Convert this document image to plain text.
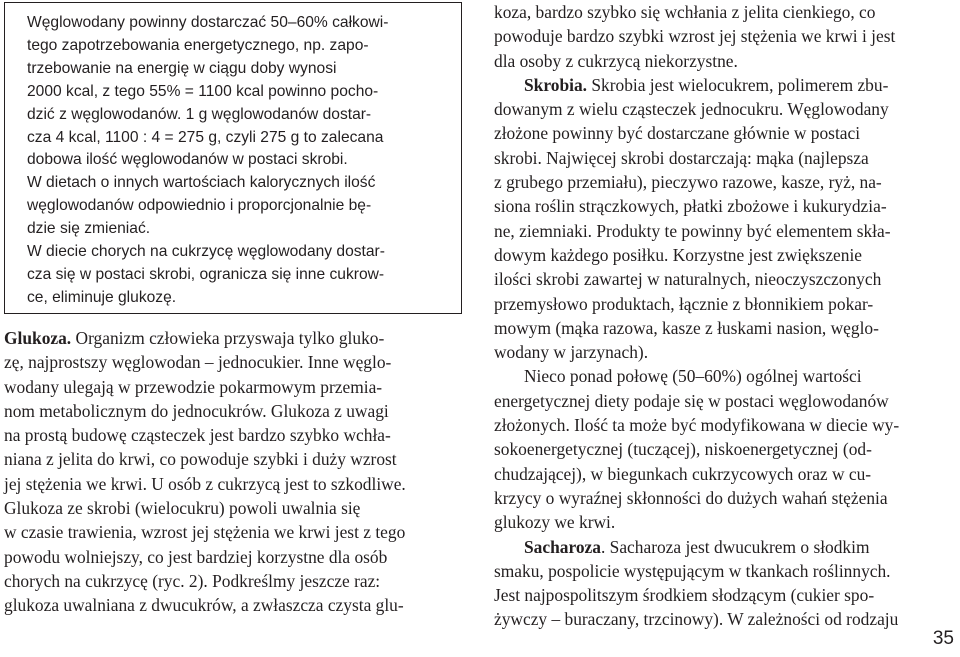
Węglowodany powinny dostarczać 50–60% całkowi-
tego zapotrzebowania energetycznego, np. zapo-
trzebowanie na energię w ciągu doby wynosi
2000 kcal, z tego 55% = 1100 kcal powinno pocho-
dzić z węglowodanów. 1 g węglowodanów dostar-
cza 4 kcal, 1100 : 4 = 275 g, czyli 275 g to zalecana
dobowa ilość węglowodanów w postaci skrobi.
W dietach o innych wartościach kalorycznych ilość
węglowodanów odpowiednio i proporcjonalnie bę-
dzie się zmieniać.
W diecie chorych na cukrzycę węglowodany dostar-
cza się w postaci skrobi, ogranicza się inne cukrow-
ce, eliminuje glukozę.

Glukoza. Organizm człowieka przyswaja tylko gluko-
zę, najprostszy węglowodan – jednocukier. Inne węglo-
wodany ulegają w przewodzie pokarmowym przemia-
nom metabolicznym do jednocukrów. Glukoza z uwagi
na prostą budowę cząsteczek jest bardzo szybko wchła-
niana z jelita do krwi, co powoduje szybki i duży wzrost
jej stężenia we krwi. U osób z cukrzycą jest to szkodliwe.
Glukoza ze skrobi (wielocukru) powoli uwalnia się
w czasie trawienia, wzrost jej stężenia we krwi jest z tego
powodu wolniejszy, co jest bardziej korzystne dla osób
chorych na cukrzycę (ryc. 2). Podkreślmy jeszcze raz:
glukoza uwalniana z dwucukrów, a zwłaszcza czysta glu-
koza, bardzo szybko się wchłania z jelita cienkiego, co
powoduje bardzo szybki wzrost jej stężenia we krwi i jest
dla osoby z cukrzycą niekorzystne.
Skrobia. Skrobia jest wielocukrem, polimerem zbu-
dowanym z wielu cząsteczek jednocukru. Węglowodany
złożone powinny być dostarczane głównie w postaci
skrobi. Najwięcej skrobi dostarczają: mąka (najlepsza
z grubego przemiału), pieczywo razowe, kasze, ryż, na-
siona roślin strączkowych, płatki zbożowe i kukurydzia-
ne, ziemniaki. Produkty te powinny być elementem skła-
dowym każdego posiłku. Korzystne jest zwiększenie
ilości skrobi zawartej w naturalnych, nieoczyszczonych
przemysłowo produktach, łącznie z błonnikiem pokar-
mowym (mąka razowa, kasze z łuskami nasion, węglo-
wodany w jarzynach).
Nieco ponad połowę (50–60%) ogólnej wartości
energetycznej diety podaje się w postaci węglowodanów
złożonych. Ilość ta może być modyfikowana w diecie wy-
sokoenergetycznej (tuczącej), niskoenergetycznej (od-
chudzającej), w biegunkach cukrzycowych oraz w cu-
krzycy o wyraźnej skłonności do dużych wahań stężenia
glukozy we krwi.
Sacharoza. Sacharoza jest dwucukrem o słodkim
smaku, pospolicie występującym w tkankach roślinnych.
Jest najpospolitszym środkiem słodzącym (cukier spo-
żywczy – buraczany, trzcinowy). W zależności od rodzaju
35
